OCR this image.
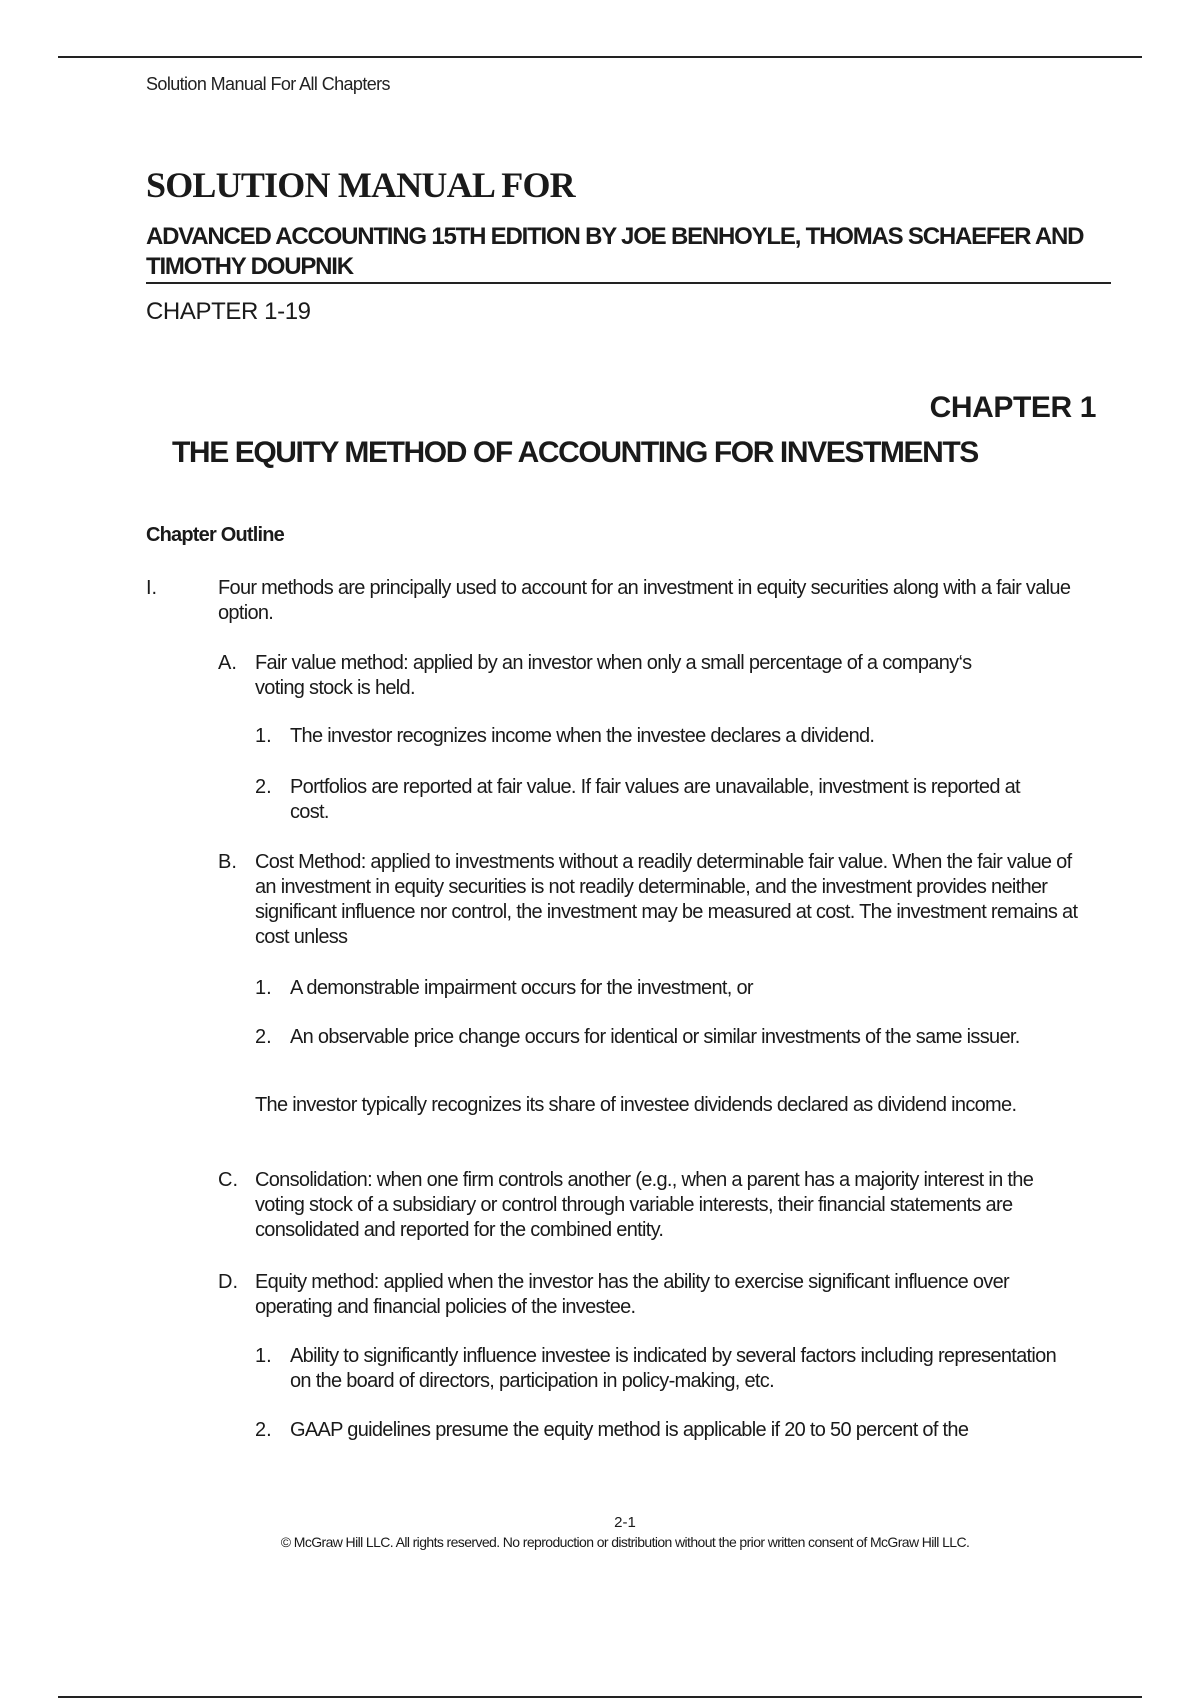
Solution Manual For All Chapters

SOLUTION MANUAL FOR
ADVANCED ACCOUNTING 15TH EDITION BY JOE BENHOYLE, THOMAS SCHAEFER AND TIMOTHY DOUPNIK

CHAPTER 1-19

CHAPTER 1
THE EQUITY METHOD OF ACCOUNTING FOR INVESTMENTS
Chapter Outline
I.	Four methods are principally used to account for an investment in equity securities along with a fair value option.

A. Fair value method: applied by an investor when only a small percentage of a company‘s voting stock is held.

1. The investor recognizes income when the investee declares a dividend.

2. Portfolios are reported at fair value. If fair values are unavailable, investment is reported at cost.

B. Cost Method: applied to investments without a readily determinable fair value. When the fair value of an investment in equity securities is not readily determinable, and the investment provides neither significant influence nor control, the investment may be measured at cost. The investment remains at cost unless

1. A demonstrable impairment occurs for the investment, or

2. An observable price change occurs for identical or similar investments of the same issuer.

The investor typically recognizes its share of investee dividends declared as dividend income.

C. Consolidation: when one firm controls another (e.g., when a parent has a majority interest in the voting stock of a subsidiary or control through variable interests, their financial statements are consolidated and reported for the combined entity.

D. Equity method: applied when the investor has the ability to exercise significant influence over operating and financial policies of the investee.

1. Ability to significantly influence investee is indicated by several factors including representation on the board of directors, participation in policy-making, etc.

2. GAAP guidelines presume the equity method is applicable if 20 to 50 percent of the

2-1

© McGraw Hill LLC. All rights reserved. No reproduction or distribution without the prior written consent of McGraw Hill LLC.
